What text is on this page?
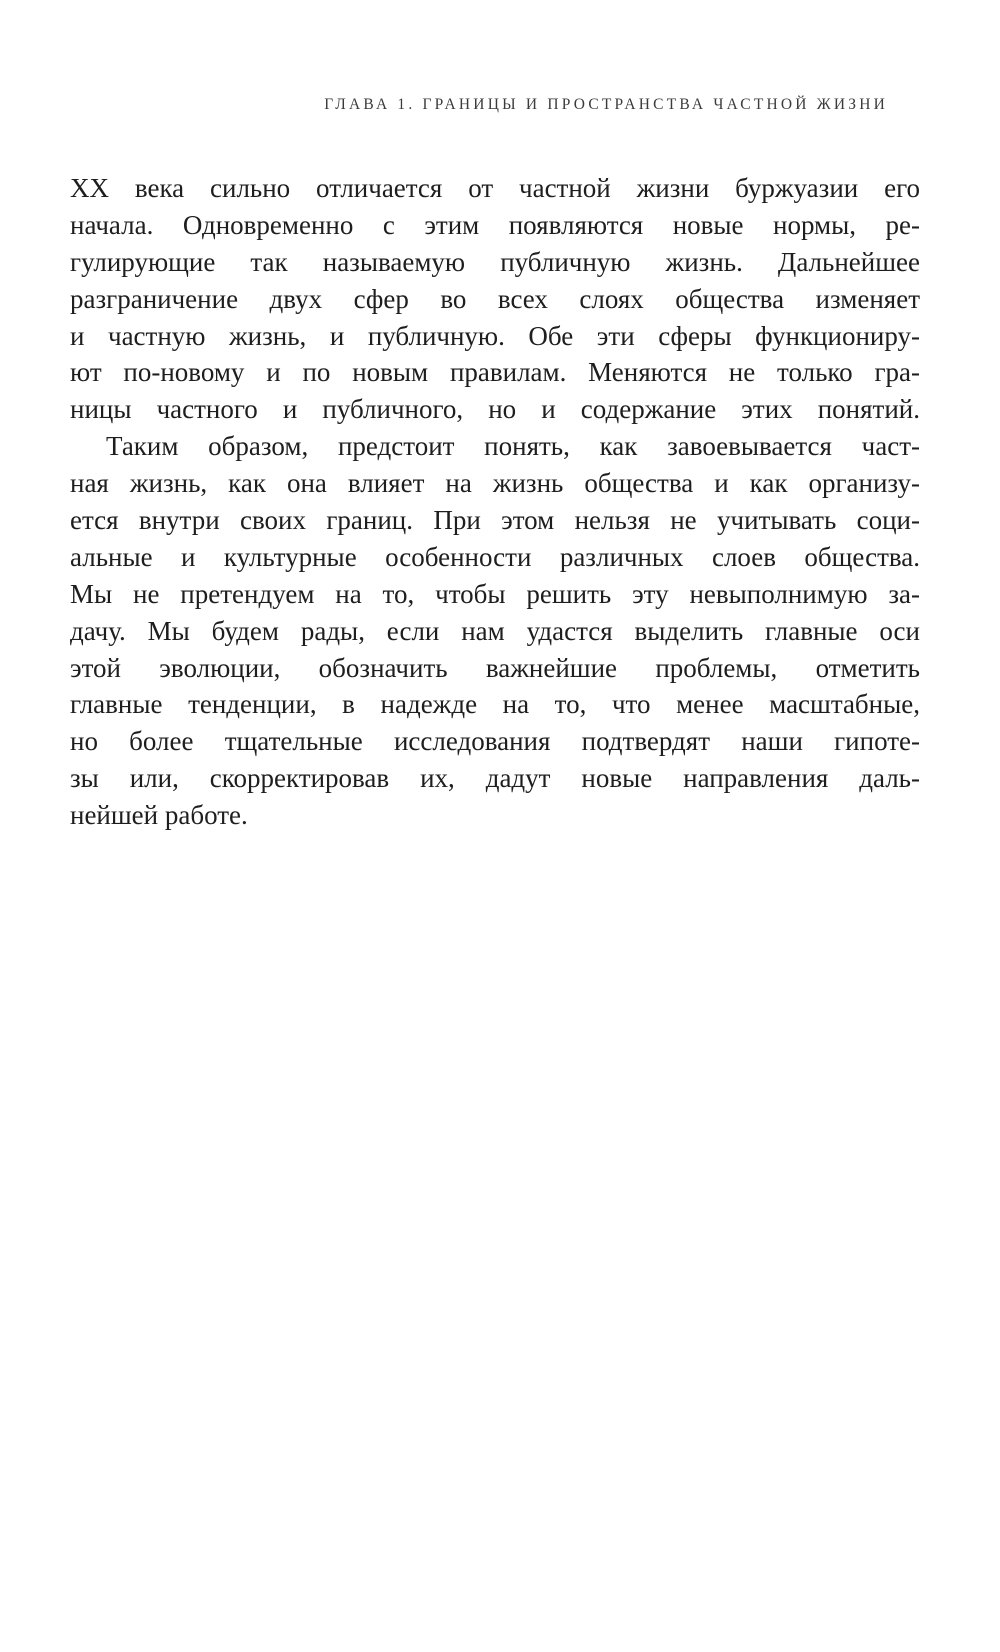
ГЛАВА 1. ГРАНИЦЫ И ПРОСТРАНСТВА ЧАСТНОЙ ЖИЗНИ
XX века сильно отличается от частной жизни буржуазии его
начала. Одновременно с этим появляются новые нормы, ре-
гулирующие так называемую публичную жизнь. Дальнейшее
разграничение двух сфер во всех слоях общества изменяет
и частную жизнь, и публичную. Обе эти сферы функциониру-
ют по-новому и по новым правилам. Меняются не только гра-
ницы частного и публичного, но и содержание этих понятий.
Таким образом, предстоит понять, как завоевывается част-
ная жизнь, как она влияет на жизнь общества и как организу-
ется внутри своих границ. При этом нельзя не учитывать соци-
альные и культурные особенности различных слоев общества.
Мы не претендуем на то, чтобы решить эту невыполнимую за-
дачу. Мы будем рады, если нам удастся выделить главные оси
этой эволюции, обозначить важнейшие проблемы, отметить
главные тенденции, в надежде на то, что менее масштабные,
но более тщательные исследования подтвердят наши гипоте-
зы или, скорректировав их, дадут новые направления даль-
нейшей работе.
